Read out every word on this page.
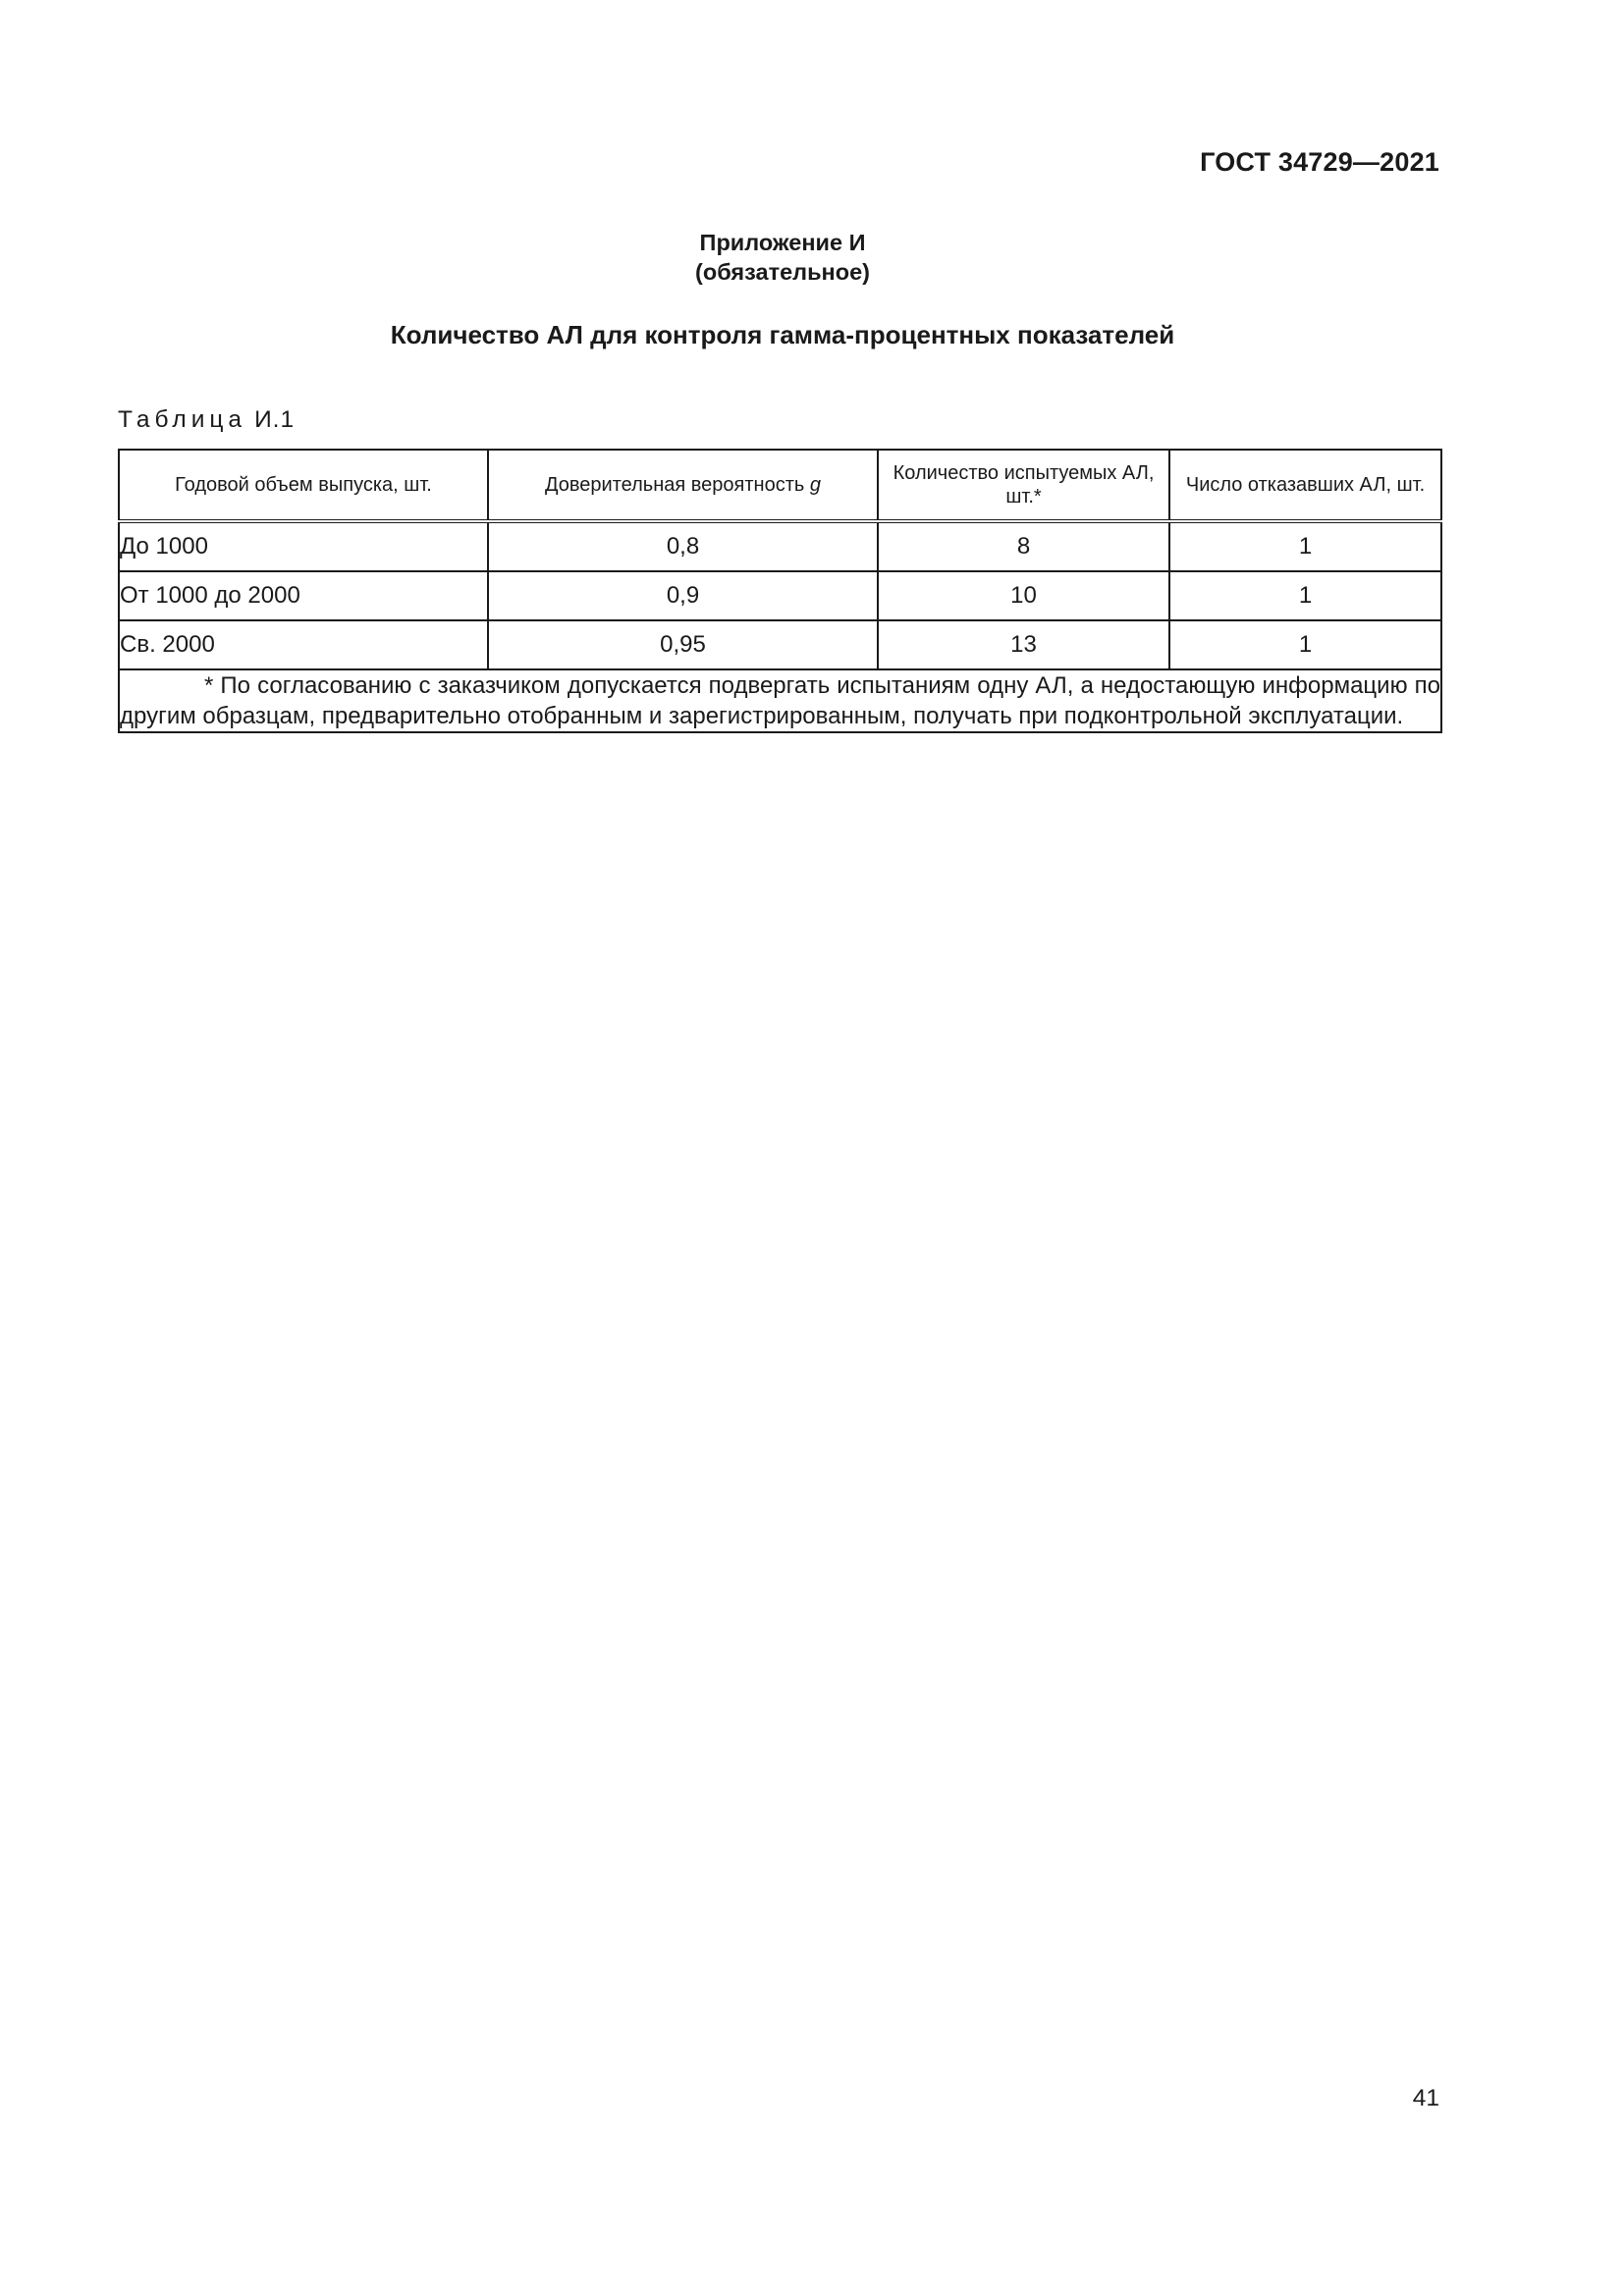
ГОСТ 34729—2021
Приложение И
(обязательное)
Количество АЛ для контроля гамма-процентных показателей
Таблица И.1
Годовой объем выпуска, шт.	Доверительная вероятность g	Количество испытуемых АЛ, шт.*	Число отказавших АЛ, шт.
До 1000	0,8	8	1
От 1000 до 2000	0,9	10	1
Св. 2000	0,95	13	1

* По согласованию с заказчиком допускается подвергать испытаниям одну АЛ, а недостающую информацию по другим образцам, предварительно отобранным и зарегистрированным, получать при подконтрольной эксплуатации.			
41
